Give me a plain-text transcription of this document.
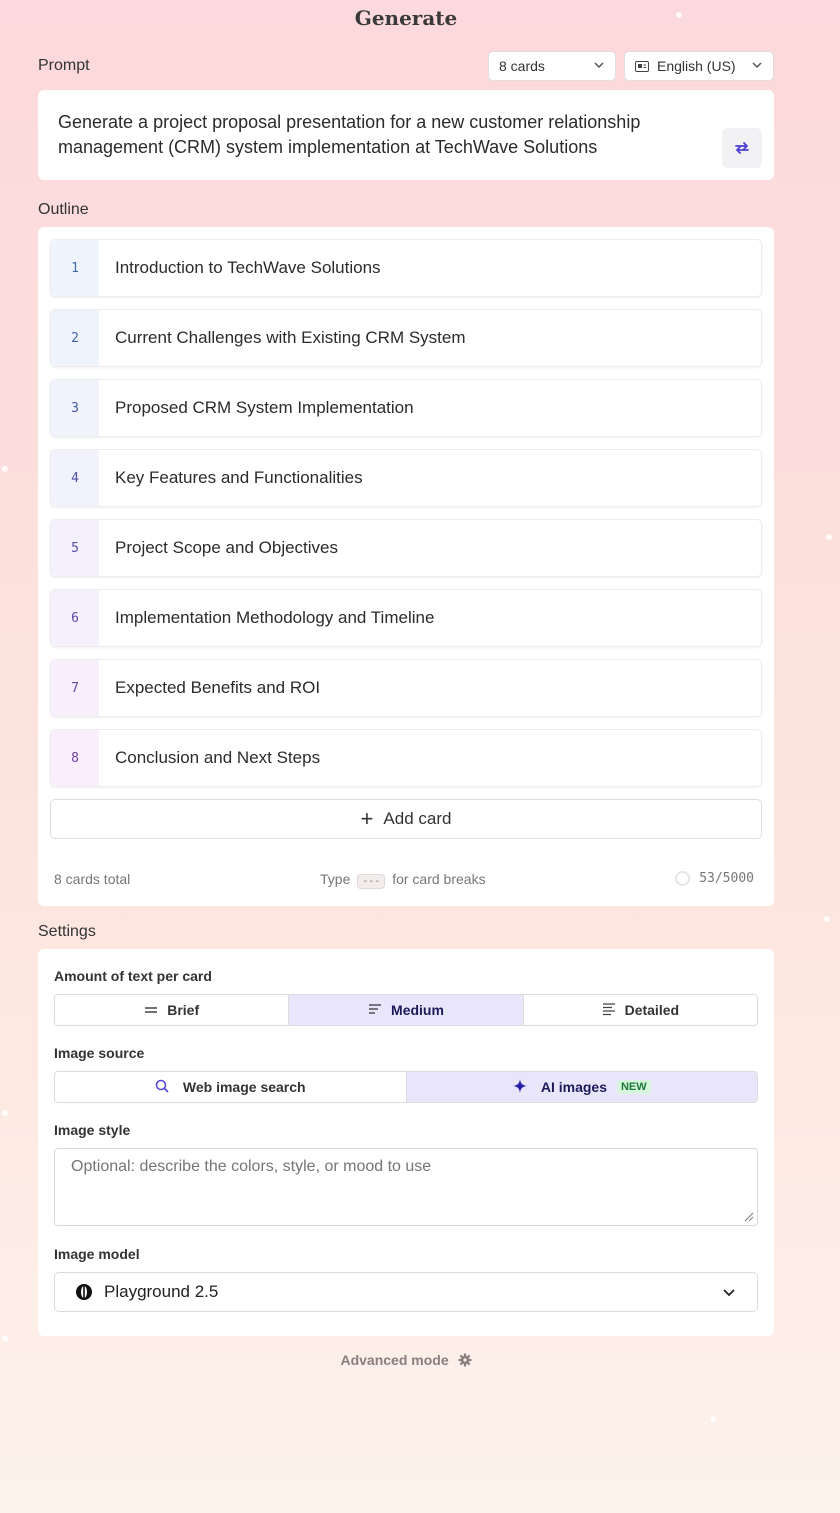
Generate
Prompt	8 cards	English (US)
Generate a project proposal presentation for a new customer relationship management (CRM) system implementation at TechWave Solutions
Outline
1	Introduction to TechWave Solutions
2	Current Challenges with Existing CRM System
3	Proposed CRM System Implementation
4	Key Features and Functionalities
5	Project Scope and Objectives
6	Implementation Methodology and Timeline
7	Expected Benefits and ROI
8	Conclusion and Next Steps
+ Add card
8 cards total	Type --- for card breaks	53/5000
Settings
Amount of text per card
Brief	Medium	Detailed
Image source
Web image search	AI images	NEW
Image style
Optional: describe the colors, style, or mood to use
Image model
Playground 2.5
Advanced mode
